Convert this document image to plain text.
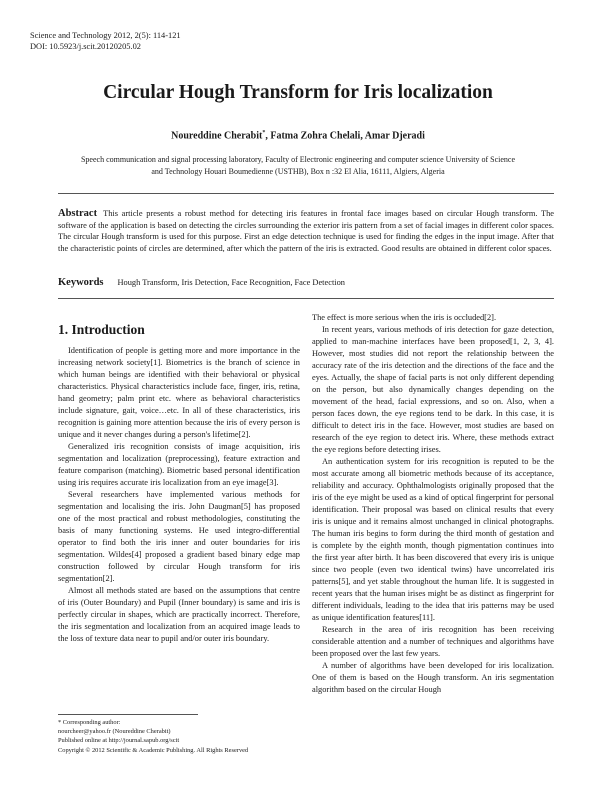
Science and Technology 2012, 2(5): 114-121
DOI: 10.5923/j.scit.20120205.02
Circular Hough Transform for Iris localization
Noureddine Cherabit*, Fatma Zohra Chelali, Amar Djeradi
Speech communication and signal processing laboratory, Faculty of Electronic engineering and computer science University of Science
and Technology Houari Boumedienne (USTHB), Box n :32 El Alia, 16111, Algiers, Algeria
Abstract This article presents a robust method for detecting iris features in frontal face images based on circular Hough transform. The software of the application is based on detecting the circles surrounding the exterior iris pattern from a set of facial images in different color spaces. The circular Hough transform is used for this purpose. First an edge detection technique is used for finding the edges in the input image. After that the characteristic points of circles are determined, after which the pattern of the iris is extracted. Good results are obtained in different color spaces.
Keywords Hough Transform, Iris Detection, Face Recognition, Face Detection
1. Introduction

Identification of people is getting more and more importance in the increasing network society[1]. Biometrics is the branch of science in which human beings are identified with their behavioral or physical characteristics. Physical characteristics include face, finger, iris, retina, hand geometry; palm print etc. where as behavioral characteristics include signature, gait, voice…etc. In all of these characteristics, iris recognition is gaining more attention because the iris of every person is unique and it never changes during a person's lifetime[2].

Generalized iris recognition consists of image acquisition, iris segmentation and localization (preprocessing), feature extraction and feature comparison (matching). Biometric based personal identification using iris requires accurate iris localization from an eye image[3].

Several researchers have implemented various methods for segmentation and localising the iris. John Daugman[5] has proposed one of the most practical and robust methodologies, constituting the basis of many functioning systems. He used integro-differential operator to find both the iris inner and outer boundaries for iris segmentation. Wildes[4] proposed a gradient based binary edge map construction followed by circular Hough transform for iris segmentation[2].

Almost all methods stated are based on the assumptions that centre of iris (Outer Boundary) and Pupil (Inner boundary) is same and iris is perfectly circular in shapes, which are practically incorrect. Therefore, the iris segmentation and localization from an acquired image leads to the loss of texture data near to pupil and/or outer iris boundary.

The effect is more serious when the iris is occluded[2].

In recent years, various methods of iris detection for gaze detection, applied to man-machine interfaces have been proposed[1, 2, 3, 4]. However, most studies did not report the relationship between the accuracy rate of the iris detection and the directions of the face and the eyes. Actually, the shape of facial parts is not only different depending on the person, but also dynamically changes depending on the movement of the head, facial expressions, and so on. Also, when a person faces down, the eye regions tend to be dark. In this case, it is difficult to detect iris in the face. However, most studies are based on research of the eye region to detect iris. Where, these methods extract the eye regions before detecting irises.

An authentication system for iris recognition is reputed to be the most accurate among all biometric methods because of its acceptance, reliability and accuracy. Ophthalmologists originally proposed that the iris of the eye might be used as a kind of optical fingerprint for personal identification. Their proposal was based on clinical results that every iris is unique and it remains almost unchanged in clinical photographs. The human iris begins to form during the third month of gestation and is complete by the eighth month, though pigmentation continues into the first year after birth. It has been discovered that every iris is unique since two people (even two identical twins) have uncorrelated iris patterns[5], and yet stable throughout the human life. It is suggested in recent years that the human irises might be as distinct as fingerprint for different individuals, leading to the idea that iris patterns may be used as unique identification features[11].

Research in the area of iris recognition has been receiving considerable attention and a number of techniques and algorithms have been proposed over the last few years.

A number of algorithms have been developed for iris localization. One of them is based on the Hough transform. An iris segmentation algorithm based on the circular Hough

* Corresponding author:
nourcheer@yahoo.fr (Noureddine Cherabit)
Published online at http://journal.sapub.org/scit
Copyright © 2012 Scientific & Academic Publishing. All Rights Reserved
